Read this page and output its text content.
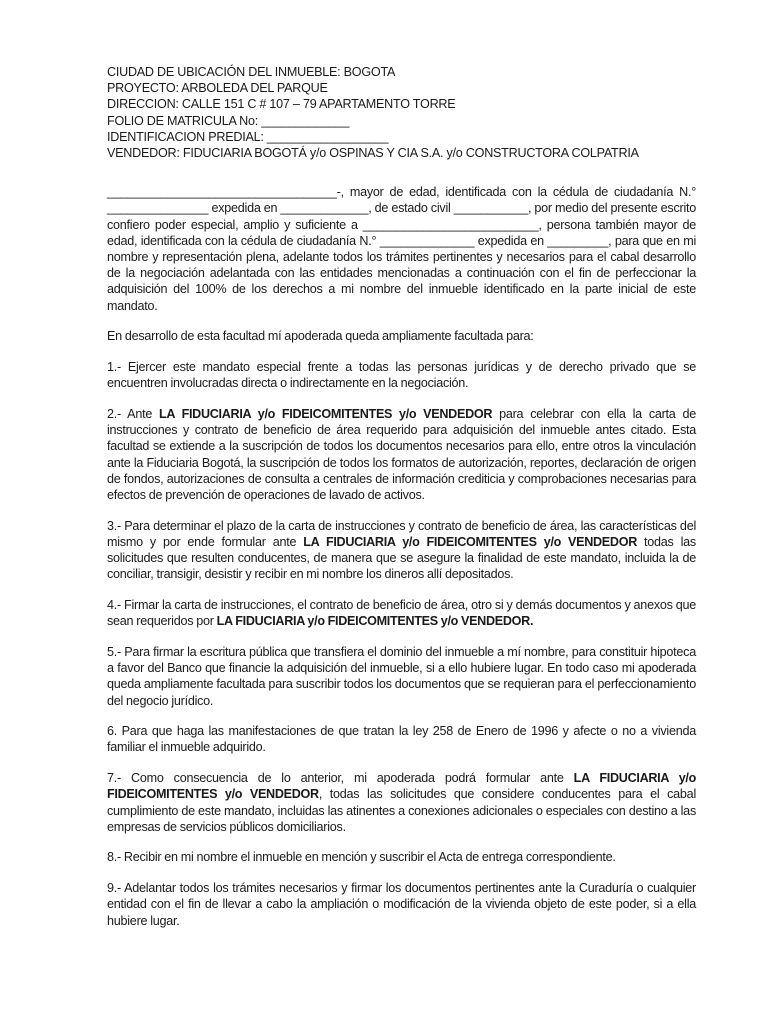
CIUDAD DE UBICACIÓN DEL INMUEBLE: BOGOTA
PROYECTO: ARBOLEDA DEL PARQUE
DIRECCION: CALLE 151 C # 107 – 79 APARTAMENTO TORRE
FOLIO DE MATRICULA No: _____________
IDENTIFICACION PREDIAL: __________________
VENDEDOR: FIDUCIARIA BOGOTÁ y/o OSPINAS Y CIA S.A. y/o CONSTRUCTORA COLPATRIA

__________________________________-, mayor de edad, identificada con la cédula de ciudadanía N.° _______________ expedida en _____________, de estado civil ___________, por medio del presente escrito confiero poder especial, amplio y suficiente a __________________________, persona también mayor de edad, identificada con la cédula de ciudadanía N.° ______________ expedida en _________, para que en mi nombre y representación plena, adelante todos los trámites pertinentes y necesarios para el cabal desarrollo de la negociación adelantada con las entidades mencionadas a continuación con el fin de perfeccionar la adquisición del 100% de los derechos a mi nombre del inmueble identificado en la parte inicial de este mandato.

En desarrollo de esta facultad mí apoderada queda ampliamente facultada para:

1.- Ejercer este mandato especial frente a todas las personas jurídicas y de derecho privado que se encuentren involucradas directa o indirectamente en la negociación.

2.- Ante LA FIDUCIARIA y/o FIDEICOMITENTES y/o VENDEDOR para celebrar con ella la carta de instrucciones y contrato de beneficio de área requerido para adquisición del inmueble antes citado. Esta facultad se extiende a la suscripción de todos los documentos necesarios para ello, entre otros la vinculación ante la Fiduciaria Bogotá, la suscripción de todos los formatos de autorización, reportes, declaración de origen de fondos, autorizaciones de consulta a centrales de información crediticia y comprobaciones necesarias para efectos de prevención de operaciones de lavado de activos.

3.- Para determinar el plazo de la carta de instrucciones y contrato de beneficio de área, las características del mismo y por ende formular ante LA FIDUCIARIA y/o FIDEICOMITENTES y/o VENDEDOR todas las solicitudes que resulten conducentes, de manera que se asegure la finalidad de este mandato, incluida la de conciliar, transigir, desistir y recibir en mi nombre los dineros allí depositados.

4.- Firmar la carta de instrucciones, el contrato de beneficio de área, otro si y demás documentos y anexos que sean requeridos por LA FIDUCIARIA y/o FIDEICOMITENTES y/o VENDEDOR.

5.- Para firmar la escritura pública que transfiera el dominio del inmueble a mí nombre, para constituir hipoteca a favor del Banco que financie la adquisición del inmueble, si a ello hubiere lugar. En todo caso mi apoderada queda ampliamente facultada para suscribir todos los documentos que se requieran para el perfeccionamiento del negocio jurídico.

6. Para que haga las manifestaciones de que tratan la ley 258 de Enero de 1996 y afecte o no a vivienda familiar el inmueble adquirido.

7.- Como consecuencia de lo anterior, mi apoderada podrá formular ante LA FIDUCIARIA y/o FIDEICOMITENTES y/o VENDEDOR, todas las solicitudes que considere conducentes para el cabal cumplimiento de este mandato, incluidas las atinentes a conexiones adicionales o especiales con destino a las empresas de servicios públicos domiciliarios.

8.- Recibir en mi nombre el inmueble en mención y suscribir el Acta de entrega correspondiente.

9.- Adelantar todos los trámites necesarios y firmar los documentos pertinentes ante la Curaduría o cualquier entidad con el fin de llevar a cabo la ampliación o modificación de la vivienda objeto de este poder, si a ella hubiere lugar.
